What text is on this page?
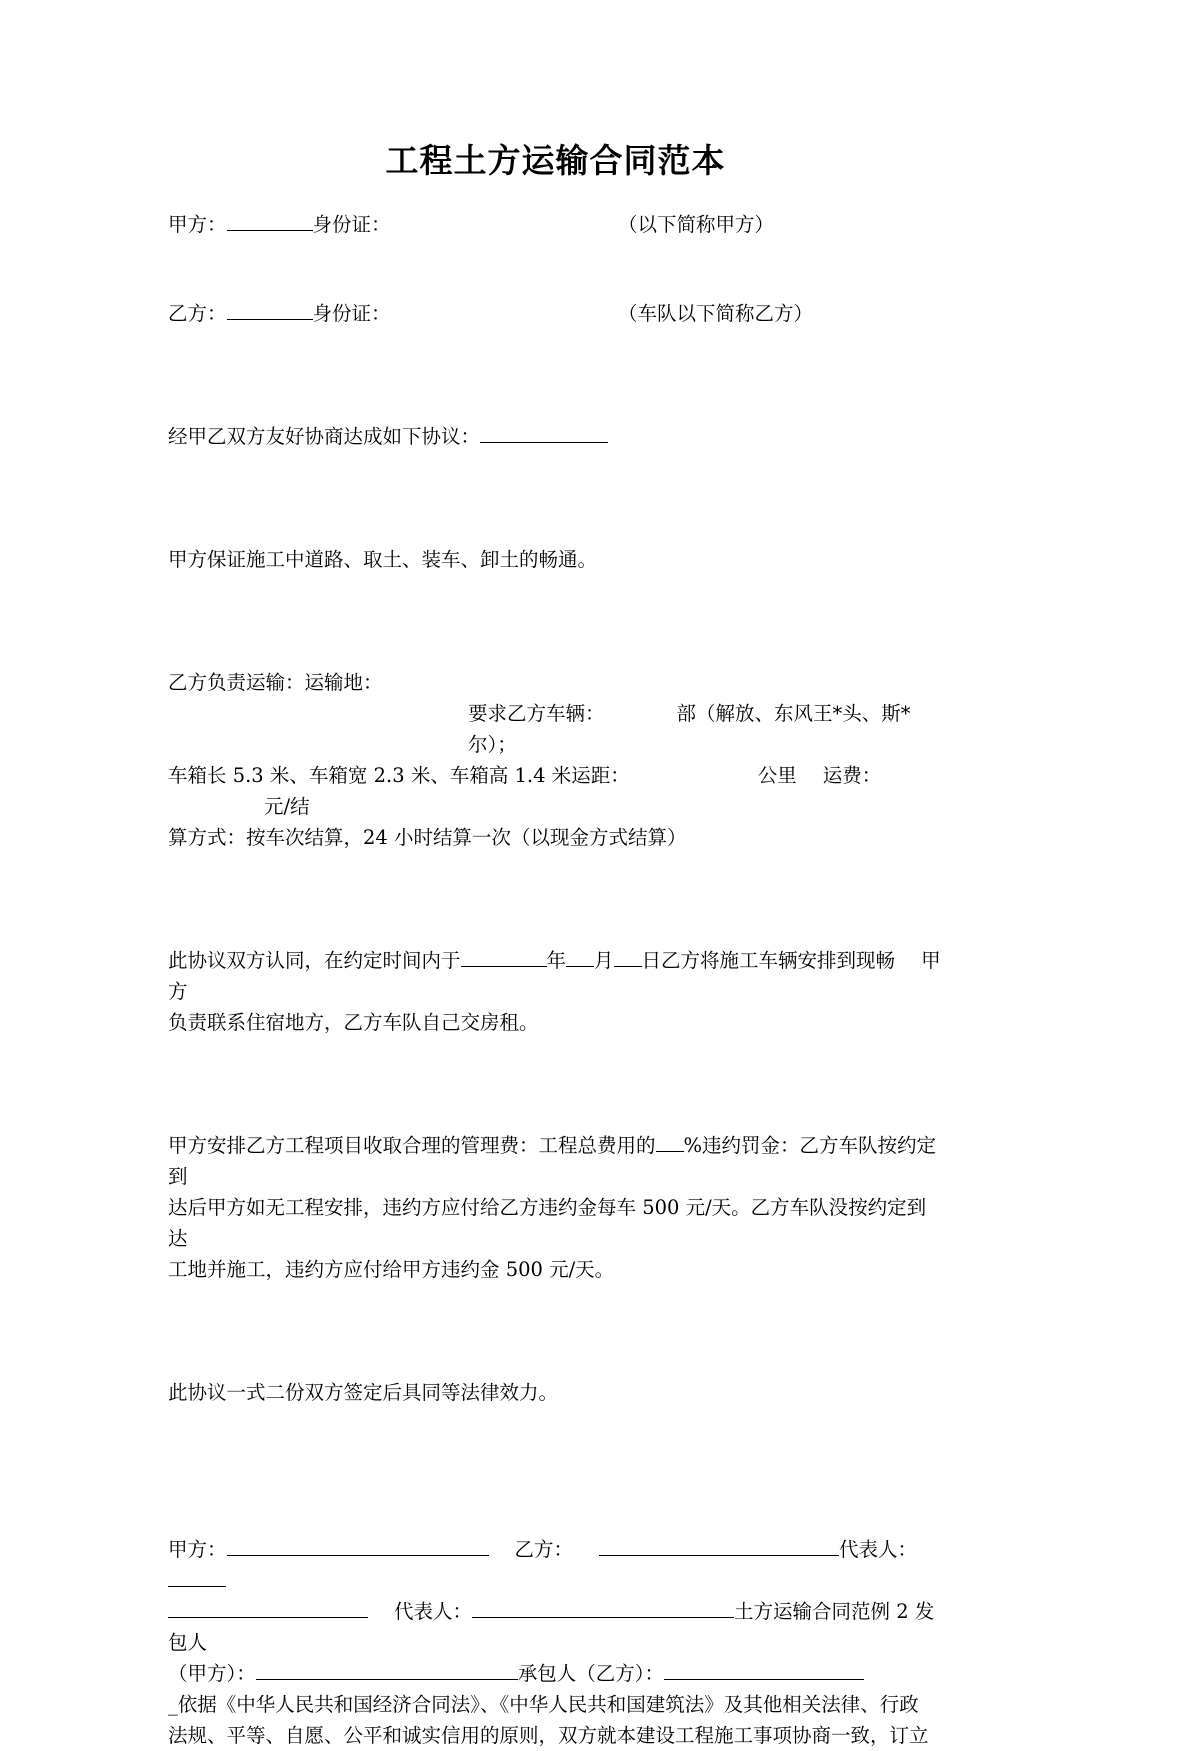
工程土方运输合同范本
甲方：	身份证：	（以下简称甲方）
乙方：	身份证：	（车队以下简称乙方）
经甲乙双方友好协商达成如下协议：

甲方保证施工中道路、取土、装车、卸土的畅通。

乙方负责运输：运输地：
要求乙方车辆：	部（解放、东风王*头、斯*尔）；
车箱长 5.3 米、车箱宽 2.3 米、车箱高 1.4 米运距：	公里 运费：元/结
算方式：按车次结算，24 小时结算一次（以现金方式结算）
此协议双方认同，在约定时间内于	年 月 日乙方将施工车辆安排到现畅 甲方
负责联系住宿地方，乙方车队自己交房租。
甲方安排乙方工程项目收取合理的管理费：工程总费用的 %违约罚金：乙方车队按约定到
达后甲方如无工程安排，违约方应付给乙方违约金每车 500 元/天。乙方车队没按约定到达
工地并施工，违约方应付给甲方违约金 500 元/天。

此协议一式二份双方签定后具同等法律效力。

甲方：	乙方：	代表人：
代表人：	土方运输合同范例 2 发包人
（甲方）：	承包人（乙方）：
_依据《中华人民共和国经济合同法》、《中华人民共和国建筑法》及其他相关法律、行政
法规、平等、自愿、公平和诚实信用的原则，双方就本建设工程施工事项协商一致，订立
